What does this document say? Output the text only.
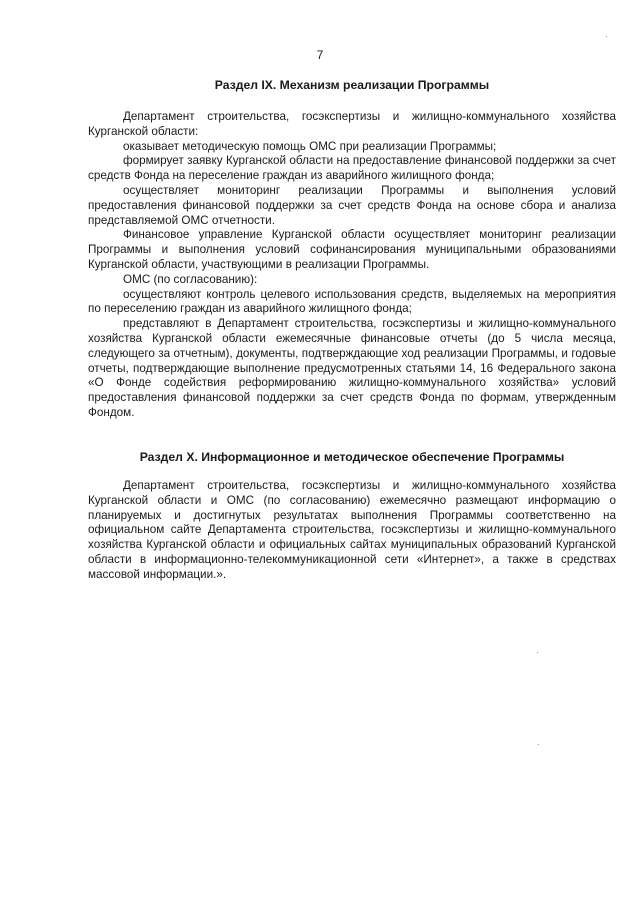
7
Раздел IX. Механизм реализации Программы

Департамент строительства, госэкспертизы и жилищно-коммунального хозяйства Курганской области:

оказывает методическую помощь ОМС при реализации Программы;

формирует заявку Курганской области на предоставление финансовой поддержки за счет средств Фонда на переселение граждан из аварийного жилищного фонда;

осуществляет мониторинг реализации Программы и выполнения условий предоставления финансовой поддержки за счет средств Фонда на основе сбора и анализа представляемой ОМС отчетности.

Финансовое управление Курганской области осуществляет мониторинг реализации Программы и выполнения условий софинансирования муниципальными образованиями Курганской области, участвующими в реализации Программы.

ОМС (по согласованию):

осуществляют контроль целевого использования средств, выделяемых на мероприятия по переселению граждан из аварийного жилищного фонда;

представляют в Департамент строительства, госэкспертизы и жилищно-коммунального хозяйства Курганской области ежемесячные финансовые отчеты (до 5 числа месяца, следующего за отчетным), документы, подтверждающие ход реализации Программы, и годовые отчеты, подтверждающие выполнение предусмотренных статьями 14, 16 Федерального закона «О Фонде содействия реформированию жилищно-коммунального хозяйства» условий предоставления финансовой поддержки за счет средств Фонда по формам, утвержденным Фондом.

Раздел X. Информационное и методическое обеспечение Программы

Департамент строительства, госэкспертизы и жилищно-коммунального хозяйства Курганской области и ОМС (по согласованию) ежемесячно размещают информацию о планируемых и достигнутых результатах выполнения Программы соответственно на официальном сайте Департамента строительства, госэкспертизы и жилищно-коммунального хозяйства Курганской области и официальных сайтах муниципальных образований Курганской области в информационно-телекоммуникационной сети «Интернет», а также в средствах массовой информации.».
